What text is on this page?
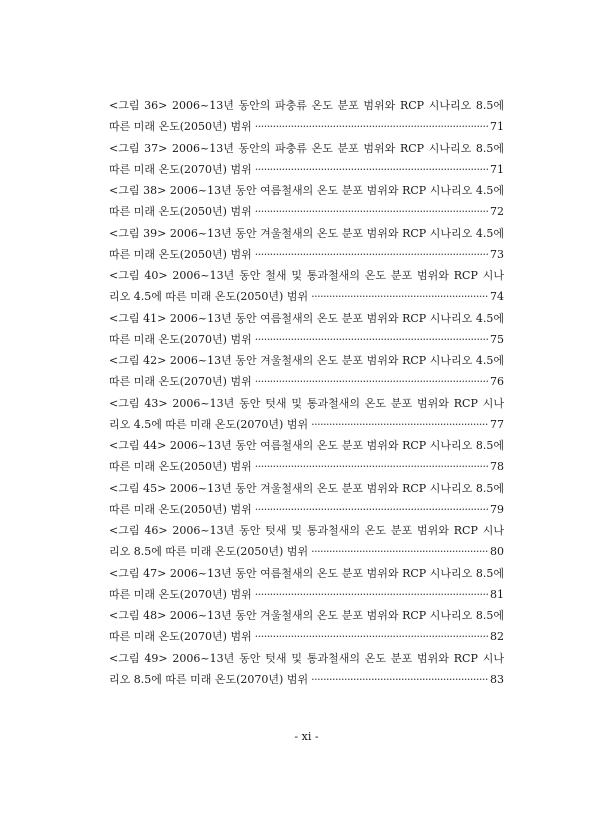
<그림 36> 2006~13년 동안의 파충류 온도 분포 범위와 RCP 시나리오 8.5에
따른 미래 온도(2050년) 범위 ·····	71
<그림 37> 2006~13년 동안의 파충류 온도 분포 범위와 RCP 시나리오 8.5에
따른 미래 온도(2070년) 범위 ·····	71
<그림 38> 2006~13년 동안 여름철새의 온도 분포 범위와 RCP 시나리오 4.5에
따른 미래 온도(2050년) 범위 ·····	72
<그림 39> 2006~13년 동안 겨울철새의 온도 분포 범위와 RCP 시나리오 4.5에
따른 미래 온도(2050년) 범위 ·····	73
<그림 40> 2006~13년 동안 철새 및 통과철새의 온도 분포 범위와 RCP 시나
리오 4.5에 따른 미래 온도(2050년) 범위 ·····	74
<그림 41> 2006~13년 동안 여름철새의 온도 분포 범위와 RCP 시나리오 4.5에
따른 미래 온도(2070년) 범위 ·····	75
<그림 42> 2006~13년 동안 겨울철새의 온도 분포 범위와 RCP 시나리오 4.5에
따른 미래 온도(2070년) 범위 ·····	76
<그림 43> 2006~13년 동안 텃새 및 통과철새의 온도 분포 범위와 RCP 시나
리오 4.5에 따른 미래 온도(2070년) 범위 ·····	77
<그림 44> 2006~13년 동안 여름철새의 온도 분포 범위와 RCP 시나리오 8.5에
따른 미래 온도(2050년) 범위 ·····	78
<그림 45> 2006~13년 동안 겨울철새의 온도 분포 범위와 RCP 시나리오 8.5에
따른 미래 온도(2050년) 범위 ·····	79
<그림 46> 2006~13년 동안 텃새 및 통과철새의 온도 분포 범위와 RCP 시나
리오 8.5에 따른 미래 온도(2050년) 범위 ·····	80
<그림 47> 2006~13년 동안 여름철새의 온도 분포 범위와 RCP 시나리오 8.5에
따른 미래 온도(2070년) 범위 ·····	81
<그림 48> 2006~13년 동안 겨울철새의 온도 분포 범위와 RCP 시나리오 8.5에
따른 미래 온도(2070년) 범위 ·····	82
<그림 49> 2006~13년 동안 텃새 및 통과철새의 온도 분포 범위와 RCP 시나
리오 8.5에 따른 미래 온도(2070년) 범위 ·····	83
- xi -
